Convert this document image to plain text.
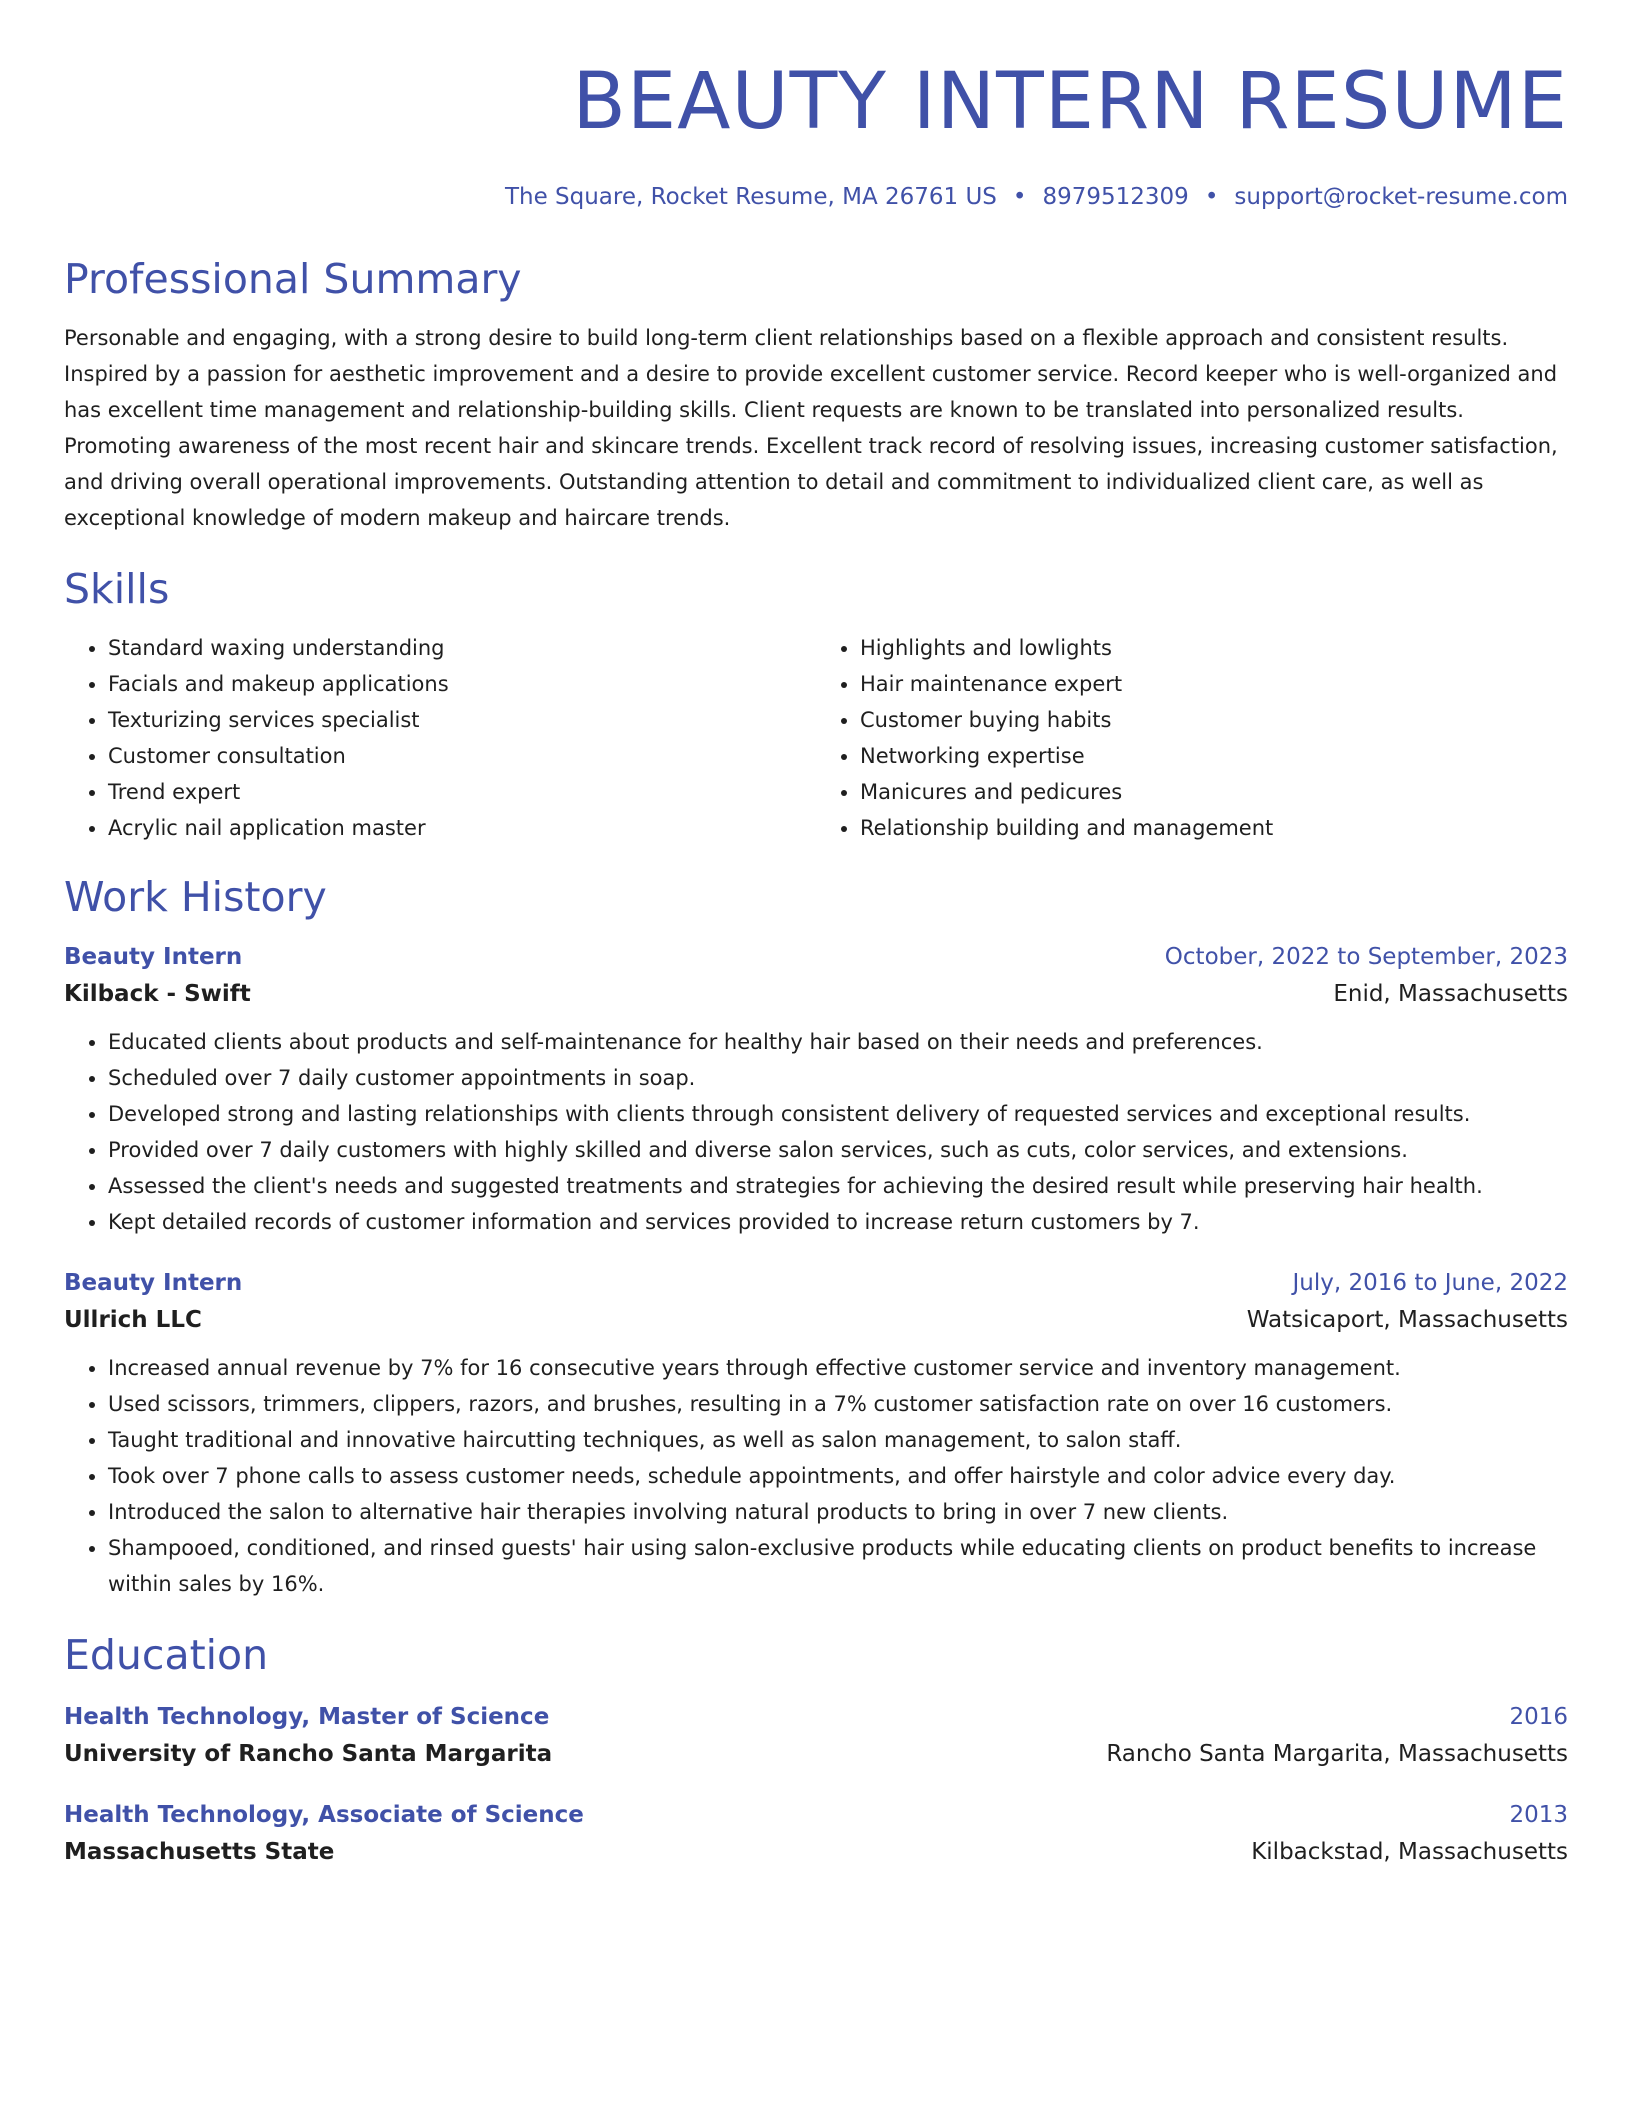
BEAUTY INTERN RESUME
The Square, Rocket Resume, MA 26761 US • 8979512309 • support@rocket-resume.com
Professional Summary
Personable and engaging, with a strong desire to build long-term client relationships based on a flexible approach and consistent results. Inspired by a passion for aesthetic improvement and a desire to provide excellent customer service. Record keeper who is well-organized and has excellent time management and relationship-building skills. Client requests are known to be translated into personalized results. Promoting awareness of the most recent hair and skincare trends. Excellent track record of resolving issues, increasing customer satisfaction, and driving overall operational improvements. Outstanding attention to detail and commitment to individualized client care, as well as exceptional knowledge of modern makeup and haircare trends.
Skills
• Standard waxing understanding
• Facials and makeup applications
• Texturizing services specialist
• Customer consultation
• Trend expert
• Acrylic nail application master
• Highlights and lowlights
• Hair maintenance expert
• Customer buying habits
• Networking expertise
• Manicures and pedicures
• Relationship building and management
Work History
Beauty Intern	October, 2022 to September, 2023
Kilback - Swift	Enid, Massachusetts
• Educated clients about products and self-maintenance for healthy hair based on their needs and preferences.
• Scheduled over 7 daily customer appointments in soap.
• Developed strong and lasting relationships with clients through consistent delivery of requested services and exceptional results.
• Provided over 7 daily customers with highly skilled and diverse salon services, such as cuts, color services, and extensions.
• Assessed the client's needs and suggested treatments and strategies for achieving the desired result while preserving hair health.
• Kept detailed records of customer information and services provided to increase return customers by 7.
Beauty Intern	July, 2016 to June, 2022
Ullrich LLC	Watsicaport, Massachusetts
• Increased annual revenue by 7% for 16 consecutive years through effective customer service and inventory management.
• Used scissors, trimmers, clippers, razors, and brushes, resulting in a 7% customer satisfaction rate on over 16 customers.
• Taught traditional and innovative haircutting techniques, as well as salon management, to salon staff.
• Took over 7 phone calls to assess customer needs, schedule appointments, and offer hairstyle and color advice every day.
• Introduced the salon to alternative hair therapies involving natural products to bring in over 7 new clients.
• Shampooed, conditioned, and rinsed guests' hair using salon-exclusive products while educating clients on product benefits to increase within sales by 16%.
Education
Health Technology, Master of Science	2016
University of Rancho Santa Margarita	Rancho Santa Margarita, Massachusetts
Health Technology, Associate of Science	2013
Massachusetts State	Kilbackstad, Massachusetts
